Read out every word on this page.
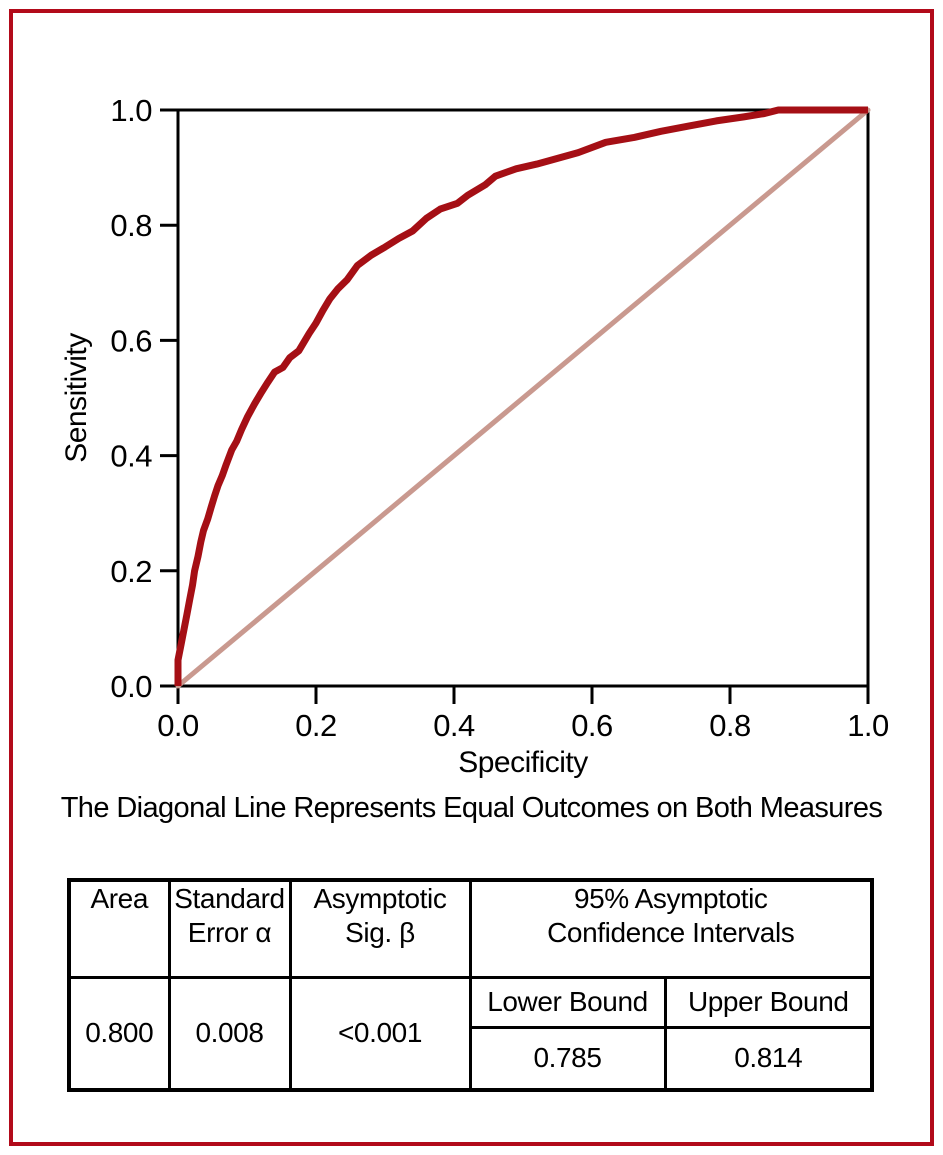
1.0
0.8
0.6
0.4
0.2
0.0
0.0	0.2	0.4	0.6	0.8	1.0
Sensitivity
Specificity
The Diagonal Line Represents Equal Outcomes on Both Measures
Area	Standard Error α	Asymptotic Sig. β	95% Asymptotic Confidence Intervals	
0.800	0.008	<0.001	Lower Bound	Upper Bound
			0.785	0.814
